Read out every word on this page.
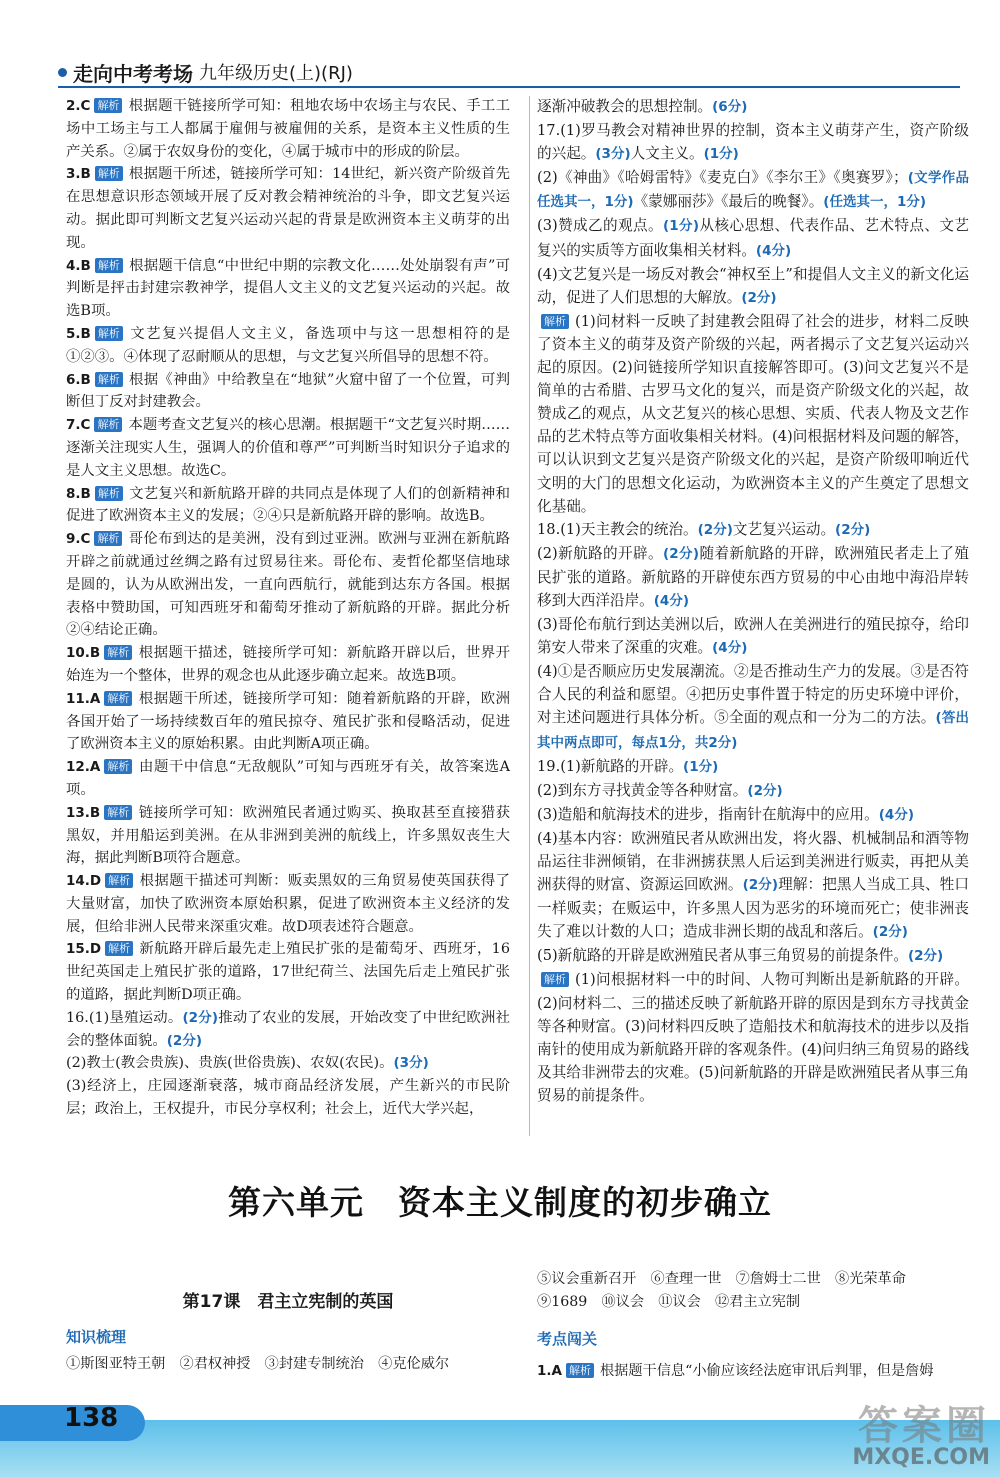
走向中考考场 九年级历史(上)(RJ)

2.C 解析 根据题干链接所学可知：租地农场中农场主与农民、手工工场中工场主与工人都属于雇佣与被雇佣的关系，是资本主义性质的生产关系。②属于农奴身份的变化，④属于城市中的形成的阶层。

3.B 解析 根据题干所述，链接所学可知：14世纪，新兴资产阶级首先在思想意识形态领域开展了反对教会精神统治的斗争，即文艺复兴运动。据此即可判断文艺复兴运动兴起的背景是欧洲资本主义萌芽的出现。

4.B 解析 根据题干信息“中世纪中期的宗教文化……处处崩裂有声”可判断是抨击封建宗教神学，提倡人文主义的文艺复兴运动的兴起。故选B项。

5.B 解析 文艺复兴提倡人文主义，备选项中与这一思想相符的是①②③。④体现了忍耐顺从的思想，与文艺复兴所倡导的思想不符。

6.B 解析 根据《神曲》中给教皇在“地狱”火窟中留了一个位置，可判断但丁反对封建教会。

7.C 解析 本题考查文艺复兴的核心思潮。根据题干“文艺复兴时期……逐渐关注现实人生，强调人的价值和尊严”可判断当时知识分子追求的是人文主义思想。故选C。

8.B 解析 文艺复兴和新航路开辟的共同点是体现了人们的创新精神和促进了欧洲资本主义的发展；②④只是新航路开辟的影响。故选B。

9.C 解析 哥伦布到达的是美洲，没有到过亚洲。欧洲与亚洲在新航路开辟之前就通过丝绸之路有过贸易往来。哥伦布、麦哲伦都坚信地球是圆的，认为从欧洲出发，一直向西航行，就能到达东方各国。根据表格中赞助国，可知西班牙和葡萄牙推动了新航路的开辟。据此分析②④结论正确。

10.B 解析 根据题干描述，链接所学可知：新航路开辟以后，世界开始连为一个整体，世界的观念也从此逐步确立起来。故选B项。

11.A 解析 根据题干所述，链接所学可知：随着新航路的开辟，欧洲各国开始了一场持续数百年的殖民掠夺、殖民扩张和侵略活动，促进了欧洲资本主义的原始积累。由此判断A项正确。

12.A 解析 由题干中信息“无敌舰队”可知与西班牙有关，故答案选A项。

13.B 解析 链接所学可知：欧洲殖民者通过购买、换取甚至直接猎获黑奴，并用船运到美洲。在从非洲到美洲的航线上，许多黑奴丧生大海，据此判断B项符合题意。

14.D 解析 根据题干描述可判断：贩卖黑奴的三角贸易使英国获得了大量财富，加快了欧洲资本原始积累，促进了欧洲资本主义经济的发展，但给非洲人民带来深重灾难。故D项表述符合题意。

15.D 解析 新航路开辟后最先走上殖民扩张的是葡萄牙、西班牙，16世纪英国走上殖民扩张的道路，17世纪荷兰、法国先后走上殖民扩张的道路，据此判断D项正确。

16.(1)垦殖运动。(2分)推动了农业的发展，开始改变了中世纪欧洲社会的整体面貌。(2分)

(2)教士(教会贵族)、贵族(世俗贵族)、农奴(农民)。(3分)

(3)经济上，庄园逐渐衰落，城市商品经济发展，产生新兴的市民阶层；政治上，王权提升，市民分享权利；社会上，近代大学兴起，

逐渐冲破教会的思想控制。(6分)

17.(1)罗马教会对精神世界的控制，资本主义萌芽产生，资产阶级的兴起。(3分)人文主义。(1分)

(2)《神曲》《哈姆雷特》《麦克白》《李尔王》《奥赛罗》；(文学作品任选其一，1分)《蒙娜丽莎》《最后的晚餐》。(任选其一，1分)

(3)赞成乙的观点。(1分)从核心思想、代表作品、艺术特点、文艺复兴的实质等方面收集相关材料。(4分)

(4)文艺复兴是一场反对教会“神权至上”和提倡人文主义的新文化运动，促进了人们思想的大解放。(2分)

解析 (1)问材料一反映了封建教会阻碍了社会的进步，材料二反映了资本主义的萌芽及资产阶级的兴起，两者揭示了文艺复兴运动兴起的原因。(2)问链接所学知识直接解答即可。(3)问文艺复兴不是简单的古希腊、古罗马文化的复兴，而是资产阶级文化的兴起，故赞成乙的观点，从文艺复兴的核心思想、实质、代表人物及文艺作品的艺术特点等方面收集相关材料。(4)问根据材料及问题的解答，可以认识到文艺复兴是资产阶级文化的兴起，是资产阶级叩响近代文明的大门的思想文化运动，为欧洲资本主义的产生奠定了思想文化基础。

18.(1)天主教会的统治。(2分)文艺复兴运动。(2分)

(2)新航路的开辟。(2分)随着新航路的开辟，欧洲殖民者走上了殖民扩张的道路。新航路的开辟使东西方贸易的中心由地中海沿岸转移到大西洋沿岸。(4分)

(3)哥伦布航行到达美洲以后，欧洲人在美洲进行的殖民掠夺，给印第安人带来了深重的灾难。(4分)

(4)①是否顺应历史发展潮流。②是否推动生产力的发展。③是否符合人民的利益和愿望。④把历史事件置于特定的历史环境中评价，对主述问题进行具体分析。⑤全面的观点和一分为二的方法。(答出其中两点即可，每点1分，共2分)

19.(1)新航路的开辟。(1分)

(2)到东方寻找黄金等各种财富。(2分)

(3)造船和航海技术的进步，指南针在航海中的应用。(4分)

(4)基本内容：欧洲殖民者从欧洲出发，将火器、机械制品和酒等物品运往非洲倾销，在非洲掳获黑人后运到美洲进行贩卖，再把从美洲获得的财富、资源运回欧洲。(2分)理解：把黑人当成工具、牲口一样贩卖；在贩运中，许多黑人因为恶劣的环境而死亡；使非洲丧失了难以计数的人口；造成非洲长期的战乱和落后。(2分)

(5)新航路的开辟是欧洲殖民者从事三角贸易的前提条件。(2分)

解析 (1)问根据材料一中的时间、人物可判断出是新航路的开辟。(2)问材料二、三的描述反映了新航路开辟的原因是到东方寻找黄金等各种财富。(3)问材料四反映了造船技术和航海技术的进步以及指南针的使用成为新航路开辟的客观条件。(4)问归纳三角贸易的路线及其给非洲带去的灾难。(5)问新航路的开辟是欧洲殖民者从事三角贸易的前提条件。

第六单元　资本主义制度的初步确立
第17课　君主立宪制的英国
知识梳理
①斯图亚特王朝　②君权神授　③封建专制统治　④克伦威尔
⑤议会重新召开　⑥查理一世　⑦詹姆士二世　⑧光荣革命
⑨1689　⑩议会　⑪议会　⑫君主立宪制
考点闯关
1.A 解析 根据题干信息“小偷应该经法庭审讯后判罪，但是詹姆
138	答案圈
MXQE.COM
